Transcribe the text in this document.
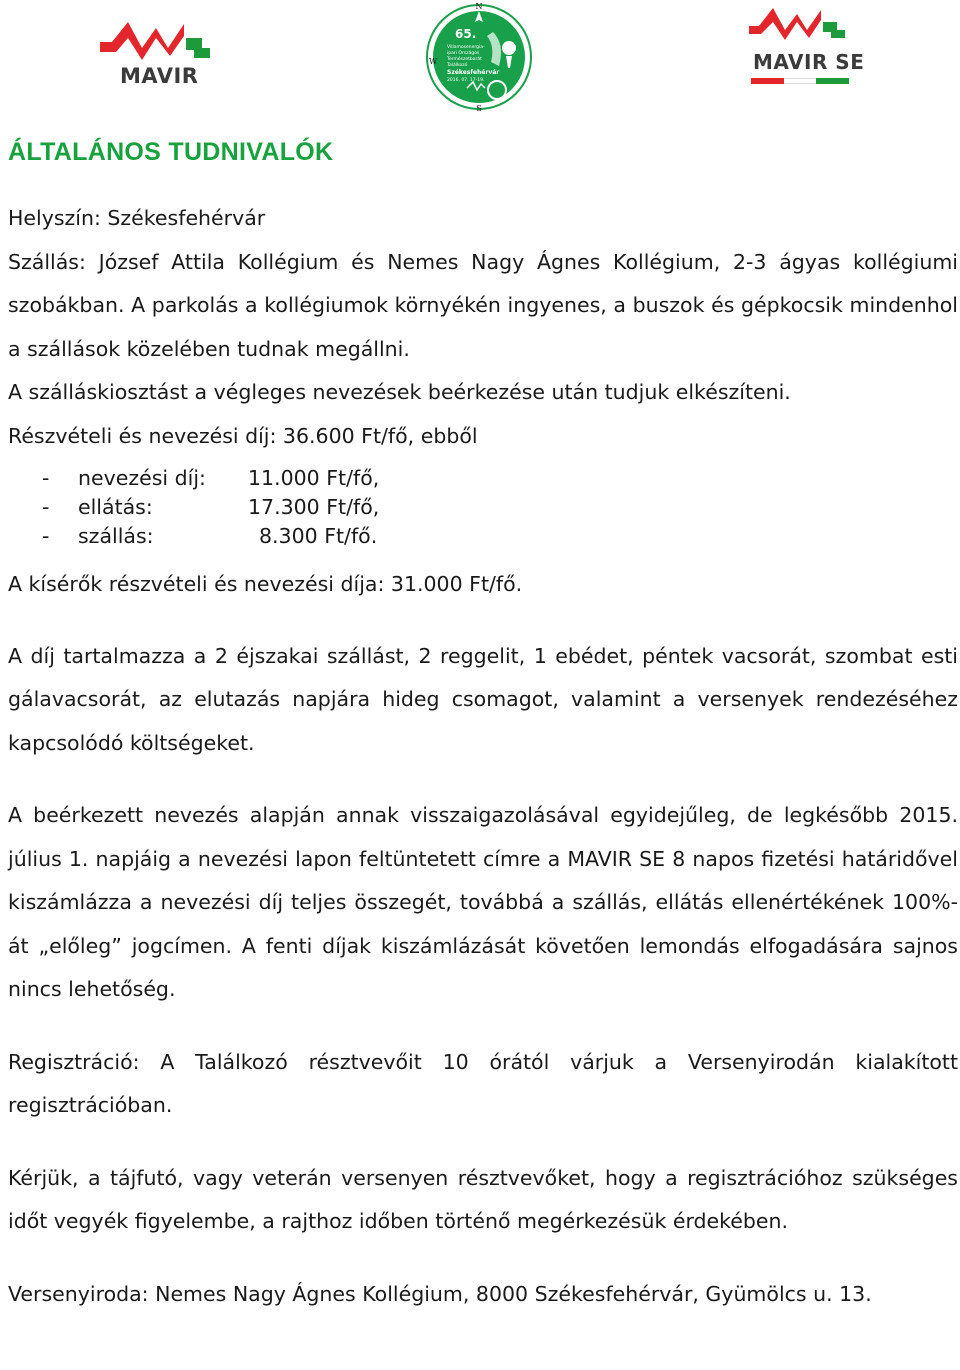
MAVIR
N
S
W
65.
Villamosenergia-
ipari Országos
Természetbarát
Találkozó
Székesfehérvár
2016. 07. 17-19.
MAVIR SE
ÁLTALÁNOS TUDNIVALÓK

Helyszín: Székesfehérvár

Szállás: József Attila Kollégium és Nemes Nagy Ágnes Kollégium, 2-3 ágyas kollégiumi szobákban. A parkolás a kollégiumok környékén ingyenes, a buszok és gépkocsik mindenhol a szállások közelében tudnak megállni.

A szálláskiosztást a végleges nevezések beérkezése után tudjuk elkészíteni.

Részvételi és nevezési díj: 36.600 Ft/fő, ebből

-	nevezési díj:	11.000 Ft/fő,
-	ellátás:	17.300 Ft/fő,
-	szállás:	8.300 Ft/fő.

A kísérők részvételi és nevezési díja: 31.000 Ft/fő.

A díj tartalmazza a 2 éjszakai szállást, 2 reggelit, 1 ebédet, péntek vacsorát, szombat esti gálavacsorát, az elutazás napjára hideg csomagot, valamint a versenyek rendezéséhez kapcsolódó költségeket.

A beérkezett nevezés alapján annak visszaigazolásával egyidejűleg, de legkésőbb 2015. július 1. napjáig a nevezési lapon feltüntetett címre a MAVIR SE 8 napos fizetési határidővel kiszámlázza a nevezési díj teljes összegét, továbbá a szállás, ellátás ellenértékének 100%-át „előleg” jogcímen. A fenti díjak kiszámlázását követően lemondás elfogadására sajnos nincs lehetőség.

Regisztráció: A Találkozó résztvevőit 10 órától várjuk a Versenyirodán kialakított regisztrációban.

Kérjük, a tájfutó, vagy veterán versenyen résztvevőket, hogy a regisztrációhoz szükséges időt vegyék figyelembe, a rajthoz időben történő megérkezésük érdekében.

Versenyiroda: Nemes Nagy Ágnes Kollégium, 8000 Székesfehérvár, Gyümölcs u. 13.
